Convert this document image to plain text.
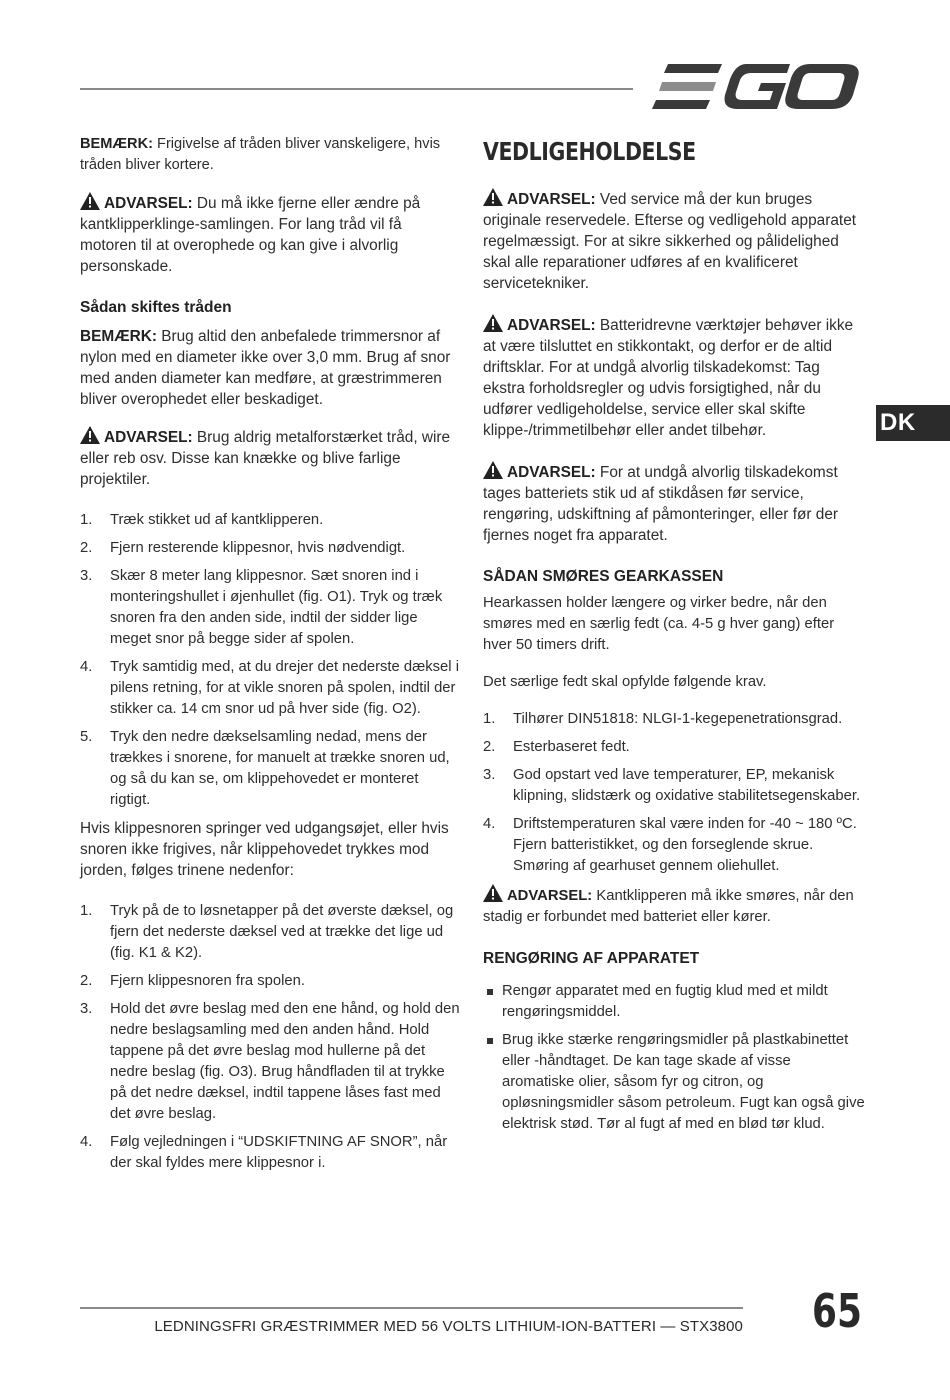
DK

BEMÆRK: Frigivelse af tråden bliver vanskeligere, hvis tråden bliver kortere.

ADVARSEL: Du må ikke fjerne eller ændre på kantklipperklinge-samlingen. For lang tråd vil få motoren til at overophede og kan give i alvorlig personskade.

Sådan skiftes tråden

BEMÆRK: Brug altid den anbefalede trimmersnor af nylon med en diameter ikke over 3,0 mm. Brug af snor med anden diameter kan medføre, at græstrimmeren bliver overophedet eller beskadiget.

ADVARSEL: Brug aldrig metalforstærket tråd, wire eller reb osv. Disse kan knække og blive farlige projektiler.

1. Træk stikket ud af kantklipperen.
2. Fjern resterende klippesnor, hvis nødvendigt.
3. Skær 8 meter lang klippesnor. Sæt snoren ind i monteringshullet i øjenhullet (fig. O1). Tryk og træk snoren fra den anden side, indtil der sidder lige meget snor på begge sider af spolen.
4. Tryk samtidig med, at du drejer det nederste dæksel i pilens retning, for at vikle snoren på spolen, indtil der stikker ca. 14 cm snor ud på hver side (fig. O2).
5. Tryk den nedre dækselsamling nedad, mens der trækkes i snorene, for manuelt at trække snoren ud, og så du kan se, om klippehovedet er monteret rigtigt.

Hvis klippesnoren springer ved udgangsøjet, eller hvis snoren ikke frigives, når klippehovedet trykkes mod jorden, følges trinene nedenfor:

1. Tryk på de to løsnetapper på det øverste dæksel, og fjern det nederste dæksel ved at trække det lige ud (fig. K1 & K2).
2. Fjern klippesnoren fra spolen.
3. Hold det øvre beslag med den ene hånd, og hold den nedre beslagsamling med den anden hånd. Hold tappene på det øvre beslag mod hullerne på det nedre beslag (fig. O3). Brug håndfladen til at trykke på det nedre dæksel, indtil tappene låses fast med det øvre beslag.
4. Følg vejledningen i “UDSKIFTNING AF SNOR”, når der skal fyldes mere klippesnor i.
VEDLIGEHOLDELSE

ADVARSEL: Ved service må der kun bruges originale reservedele. Efterse og vedligehold apparatet regelmæssigt. For at sikre sikkerhed og pålidelighed skal alle reparationer udføres af en kvalificeret servicetekniker.

ADVARSEL: Batteridrevne værktøjer behøver ikke at være tilsluttet en stikkontakt, og derfor er de altid driftsklar. For at undgå alvorlig tilskadekomst: Tag ekstra forholdsregler og udvis forsigtighed, når du udfører vedligeholdelse, service eller skal skifte klippe-/trimmetilbehør eller andet tilbehør.

ADVARSEL: For at undgå alvorlig tilskadekomst tages batteriets stik ud af stikdåsen før service, rengøring, udskiftning af påmonteringer, eller før der fjernes noget fra apparatet.

SÅDAN SMØRES GEARKASSEN

Hearkassen holder længere og virker bedre, når den smøres med en særlig fedt (ca. 4-5 g hver gang) efter hver 50 timers drift.

Det særlige fedt skal opfylde følgende krav.

1. Tilhører DIN51818: NLGI-1-kegepenetrationsgrad.
2. Esterbaseret fedt.
3. God opstart ved lave temperaturer, EP, mekanisk klipning, slidstærk og oxidative stabilitetsegenskaber.
4. Driftstemperaturen skal være inden for -40 ~ 180 ºC. Fjern batteristikket, og den forseglende skrue. Smøring af gearhuset gennem oliehullet.

ADVARSEL: Kantklipperen må ikke smøres, når den stadig er forbundet med batteriet eller kører.

RENGØRING AF APPARATET
Rengør apparatet med en fugtig klud med et mildt rengøringsmiddel.
Brug ikke stærke rengøringsmidler på plastkabinettet eller -håndtaget. De kan tage skade af visse aromatiske olier, såsom fyr og citron, og opløsningsmidler såsom petroleum. Fugt kan også give elektrisk stød. Tør al fugt af med en blød tør klud.
LEDNINGSFRI GRÆSTRIMMER MED 56 VOLTS LITHIUM-ION-BATTERI — STX3800 65
